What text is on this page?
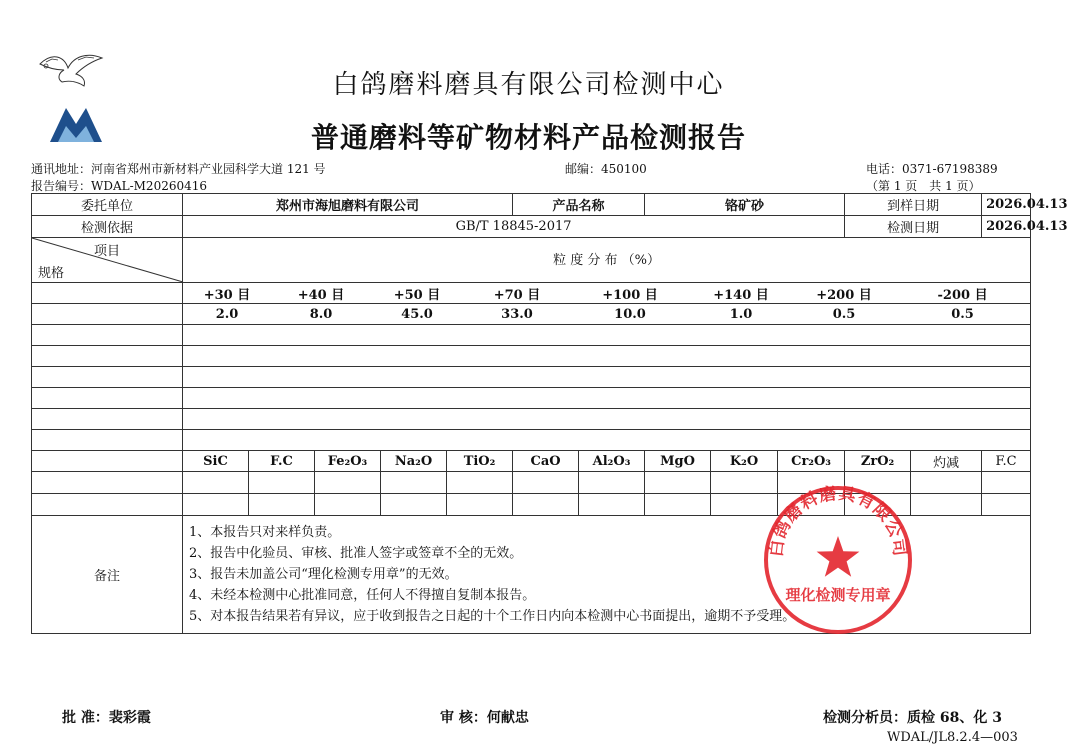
白鸽磨料磨具有限公司检测中心
普通磨料等矿物材料产品检测报告
通讯地址：河南省郑州市新材料产业园科学大道 121 号	邮编：450100	电话：0371-67198389
报告编号：WDAL-M20260416	（第 1 页　共 1 页）
委托单位	郑州市海旭磨料有限公司	产品名称	铬矿砂	到样日期	2026.04.13
检测依据	GB/T 18845-2017	检测日期	2026.04.13

项目
规格
	粒 度 分 布 （%）

+30 目	+40 目	+50 目	+70 目	+100 目	+140 目	+200 目	-200 目

2.0	8.0	45.0	33.0	10.0	1.0	0.5	0.5

	SiC	F.C	Fe₂O₃	Na₂O	TiO₂	CaO	Al₂O₃	MgO	K₂O	Cr₂O₃	ZrO₂	灼减	F.C

备注	
1、本报告只对来样负责。
2、报告中化验员、审核、批准人签字或签章不全的无效。
3、报告未加盖公司“理化检测专用章”的无效。
4、未经本检测中心批准同意，任何人不得擅自复制本报告。
5、对本报告结果若有异议，应于收到报告之日起的十个工作日内向本检测中心书面提出，逾期不予受理。
白鸽磨料磨具有限公司
理化检测专用章
批 准：裴彩霞	审 核：何献忠	检测分析员：质检 68、化 3
WDAL/JL8.2.4—003
